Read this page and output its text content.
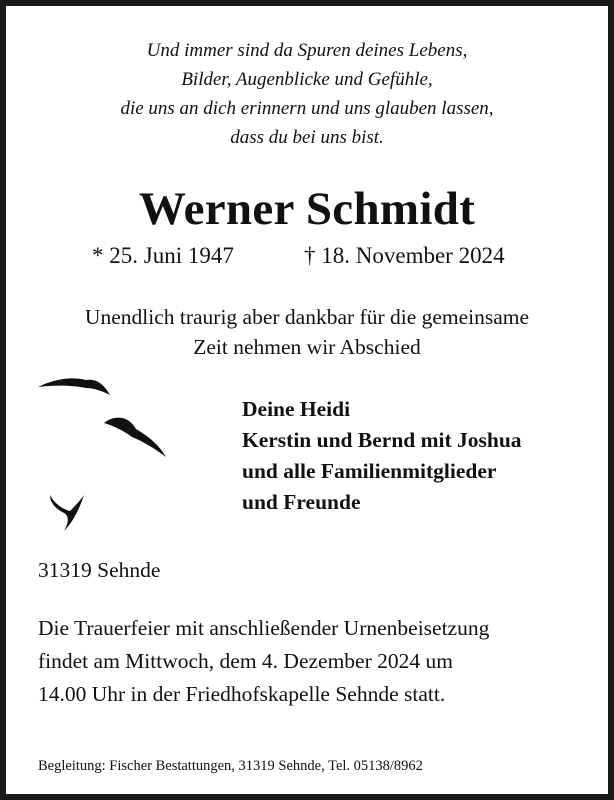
Und immer sind da Spuren deines Lebens,
Bilder, Augenblicke und Gefühle,
die uns an dich erinnern und uns glauben lassen,
dass du bei uns bist.
Werner Schmidt
* 25. Juni 1947	† 18. November 2024
Unendlich traurig aber dankbar für die gemeinsame
Zeit nehmen wir Abschied
Deine Heidi
Kerstin und Bernd mit Joshua
und alle Familienmitglieder
und Freunde
31319 Sehnde
Die Trauerfeier mit anschließender Urnenbeisetzung
findet am Mittwoch, dem 4. Dezember 2024 um
14.00 Uhr in der Friedhofskapelle Sehnde statt.
Begleitung: Fischer Bestattungen, 31319 Sehnde, Tel. 05138/8962
